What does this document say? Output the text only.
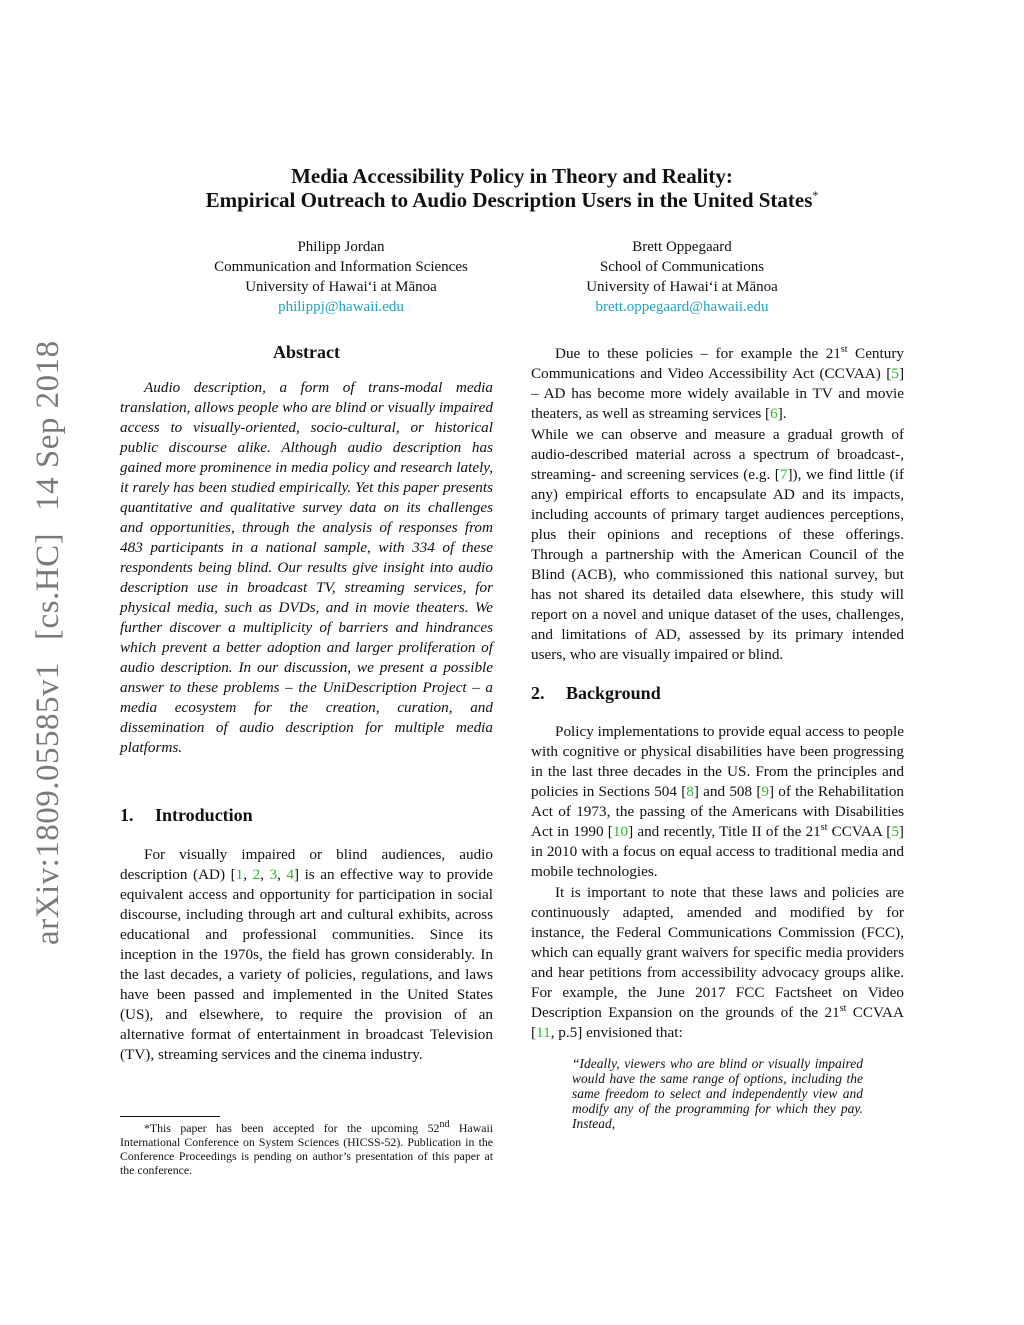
arXiv:1809.05585v1[cs.HC]14 Sep 2018
Media Accessibility Policy in Theory and Reality:
Empirical Outreach to Audio Description Users in the United States*
Philipp Jordan
Communication and Information Sciences
University of Hawai‘i at Mānoa
philippj@hawaii.edu
Brett Oppegaard
School of Communications
University of Hawai‘i at Mānoa
brett.oppegaard@hawaii.edu
Abstract

Audio description, a form of trans-modal media translation, allows people who are blind or visually impaired access to visually-oriented, socio-cultural, or historical public discourse alike. Although audio description has gained more prominence in media policy and research lately, it rarely has been studied empirically. Yet this paper presents quantitative and qualitative survey data on its challenges and opportunities, through the analysis of responses from 483 participants in a national sample, with 334 of these respondents being blind. Our results give insight into audio description use in broadcast TV, streaming services, for physical media, such as DVDs, and in movie theaters. We further discover a multiplicity of barriers and hindrances which prevent a better adoption and larger proliferation of audio description. In our discussion, we present a possible answer to these problems – the UniDescription Project – a media ecosystem for the creation, curation, and dissemination of audio description for multiple media platforms.

1. Introduction

For visually impaired or blind audiences, audio description (AD) [1, 2, 3, 4] is an effective way to provide equivalent access and opportunity for participation in social discourse, including through art and cultural exhibits, across educational and professional communities. Since its inception in the 1970s, the field has grown considerably. In the last decades, a variety of policies, regulations, and laws have been passed and implemented in the United States (US), and elsewhere, to require the provision of an alternative format of entertainment in broadcast Television (TV), streaming services and the cinema industry.

*This paper has been accepted for the upcoming 52nd Hawaii International Conference on System Sciences (HICSS-52). Publication in the Conference Proceedings is pending on author’s presentation of this paper at the conference.

Due to these policies – for example the 21st Century Communications and Video Accessibility Act (CCVAA) [5] – AD has become more widely available in TV and movie theaters, as well as streaming services [6].

While we can observe and measure a gradual growth of audio-described material across a spectrum of broadcast-, streaming- and screening services (e.g. [7]), we find little (if any) empirical efforts to encapsulate AD and its impacts, including accounts of primary target audiences perceptions, plus their opinions and receptions of these offerings. Through a partnership with the American Council of the Blind (ACB), who commissioned this national survey, but has not shared its detailed data elsewhere, this study will report on a novel and unique dataset of the uses, challenges, and limitations of AD, assessed by its primary intended users, who are visually impaired or blind.

2. Background

Policy implementations to provide equal access to people with cognitive or physical disabilities have been progressing in the last three decades in the US. From the principles and policies in Sections 504 [8] and 508 [9] of the Rehabilitation Act of 1973, the passing of the Americans with Disabilities Act in 1990 [10] and recently, Title II of the 21st CCVAA [5] in 2010 with a focus on equal access to traditional media and mobile technologies.

It is important to note that these laws and policies are continuously adapted, amended and modified by for instance, the Federal Communications Commission (FCC), which can equally grant waivers for specific media providers and hear petitions from accessibility advocacy groups alike. For example, the June 2017 FCC Factsheet on Video Description Expansion on the grounds of the 21st CCVAA [11, p.5] envisioned that:

“Ideally, viewers who are blind or visually impaired would have the same range of options, including the same freedom to select and independently view and modify any of the programming for which they pay. Instead,
